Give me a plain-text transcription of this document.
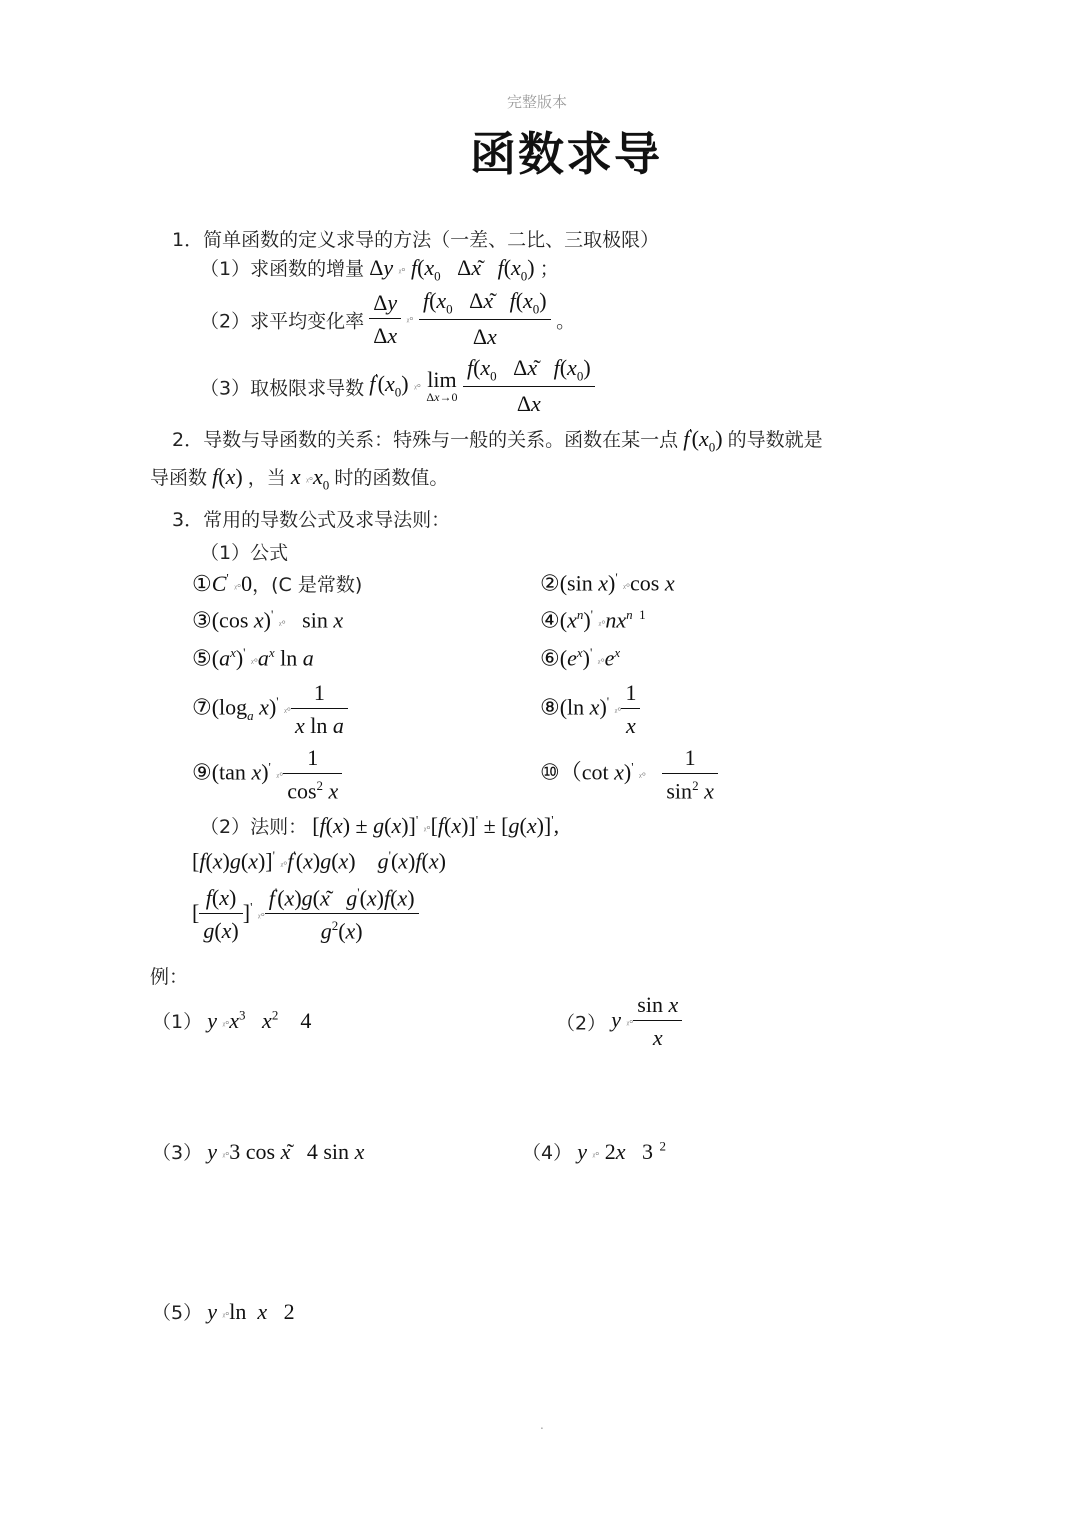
完整版本
函数求导
1．简单函数的定义求导的方法（一差、二比、三取极限）
（1）求函数的增量 Δy ᵡ° $f(x_0$   Δx͂   $f(x_0)$ ；
（2）求平均变化率 $\frac{\Delta y}{\Delta x}$ ᵡ° $\frac{f(x_0 \Delta x͂ f(x_0)}{\Delta x}$ 。
（3）取极限求导数 $f'(x_0)$ ᵡ° lim
Δx→0
$\frac{f(x_0 \Delta x͂ f(x_0)}{\Delta x}$
2．导数与导函数的关系：特殊与一般的关系。函数在某一点 $f'(x_0)$ 的导数就是
导函数 f(x) ，当 x $ᵡ^\circ x_0$ 时的函数值。
3．常用的导数公式及求导法则：
（1）公式
①C' ᵡ°0，(C 是常数)
③(cos x)' ᵡ°   sin x
$⑤(a^x)'$ $ᵡ^\circ a^x$ ln a
$⑦(\log_a$ x)' ᵡ° $\frac{1}{\text{x ln a}}$
⑨(tan x)' ᵡ° $\frac{1}{\cos^2 x}$
②(sin x)' ᵡ°cos x
$④(x^n)'$ $ᵡ^\circ nx^{n 1}$
$⑥(e^x)'$ $ᵡ^\circ e^x$
⑧(ln x)' ᵡ° $\frac{1}{x}$
⑩（cot x)' ᵡ° $\frac{1}{\sin^2 x}$
（2）法则： [f(x) ± g(x)]' ᵡ°[f(x)]' ± [g(x)]',
[f(x)g(x)]' ᵡ°f'(x)g(x)    g'(x)f(x)
[ $\frac{f(x)}{g(x)} ]'$ ᵡ° $\frac{f'(x)g(x͂ g'(x)f(x)}{g^2(x)}$
例：
（1） y $ᵡ^\circ x^3$ $x^2$    4	（2） y ᵡ° $\frac{\text{sin x}}{x}$
（3） y ᵡ°3 cos x͂   4 sin x	（4） y ᵡ° 2x   3  $^2$
（5） y ᵡ°ln  x   2
.
